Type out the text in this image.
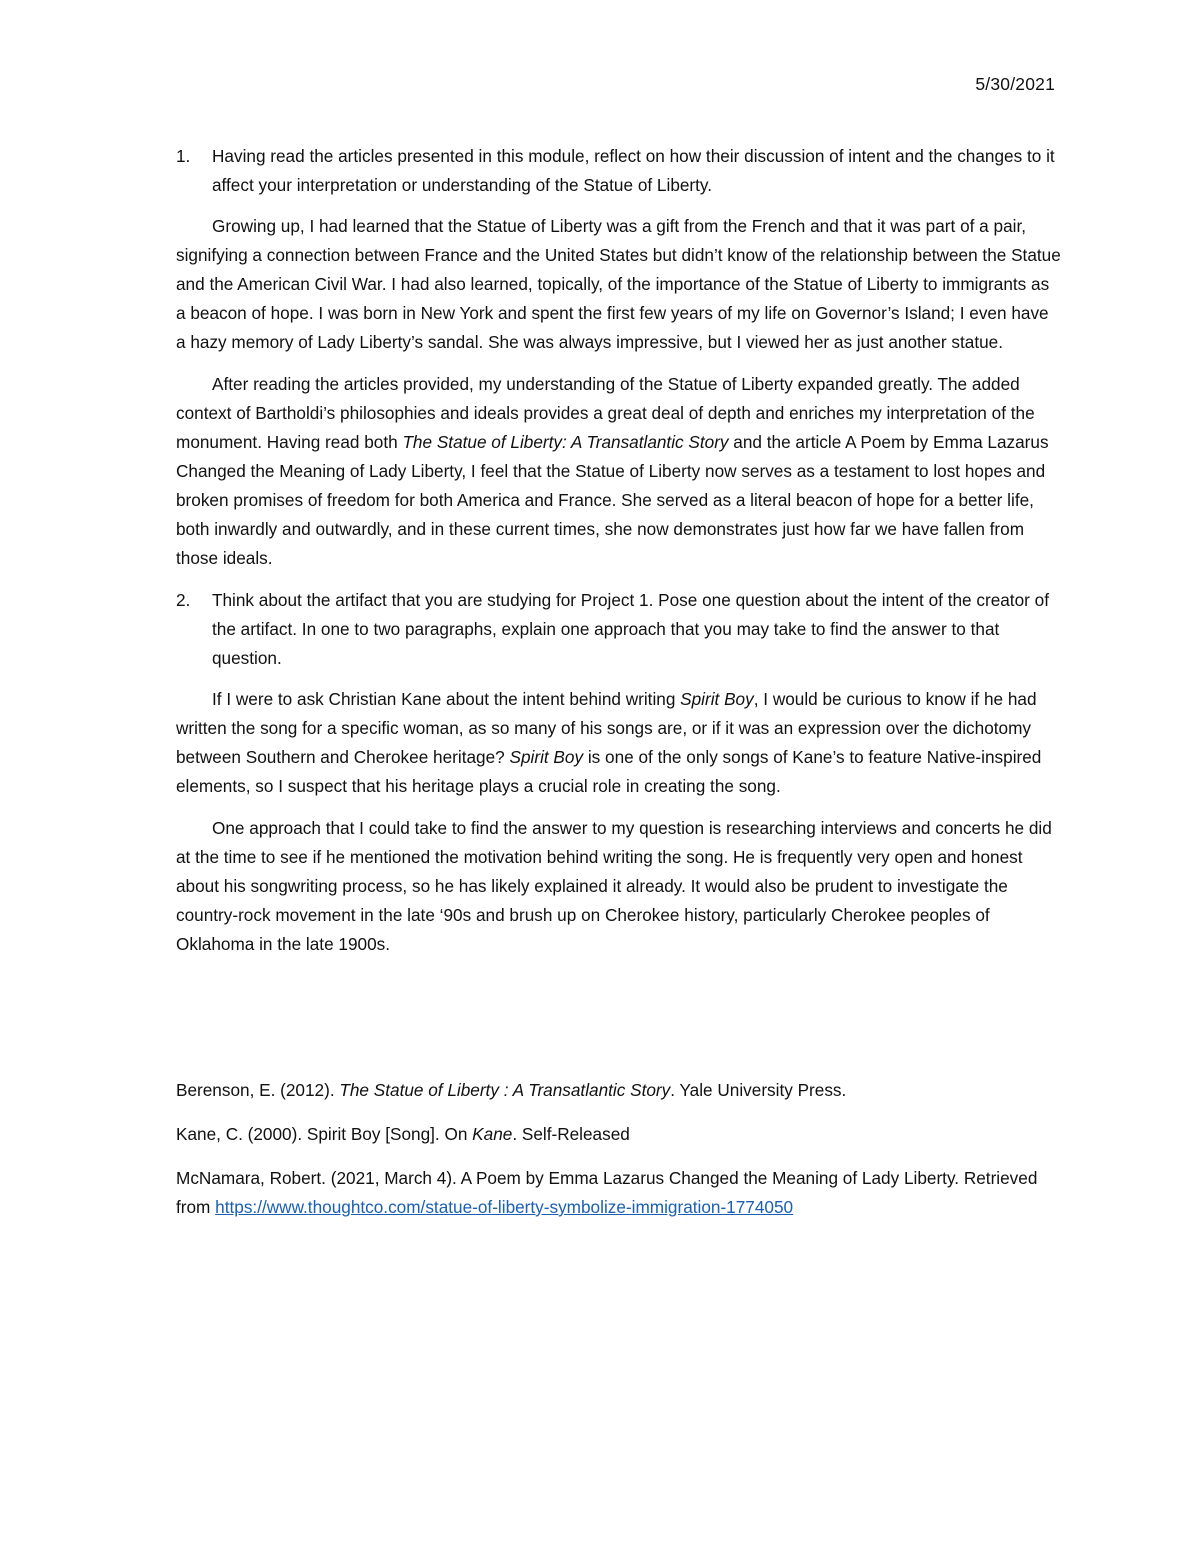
5/30/2021
1. Having read the articles presented in this module, reflect on how their discussion of intent and the changes to it affect your interpretation or understanding of the Statue of Liberty.

Growing up, I had learned that the Statue of Liberty was a gift from the French and that it was part of a pair, signifying a connection between France and the United States but didn’t know of the relationship between the Statue and the American Civil War. I had also learned, topically, of the importance of the Statue of Liberty to immigrants as a beacon of hope. I was born in New York and spent the first few years of my life on Governor’s Island; I even have a hazy memory of Lady Liberty’s sandal. She was always impressive, but I viewed her as just another statue.

After reading the articles provided, my understanding of the Statue of Liberty expanded greatly. The added context of Bartholdi’s philosophies and ideals provides a great deal of depth and enriches my interpretation of the monument. Having read both The Statue of Liberty: A Transatlantic Story and the article A Poem by Emma Lazarus Changed the Meaning of Lady Liberty, I feel that the Statue of Liberty now serves as a testament to lost hopes and broken promises of freedom for both America and France. She served as a literal beacon of hope for a better life, both inwardly and outwardly, and in these current times, she now demonstrates just how far we have fallen from those ideals.

2. Think about the artifact that you are studying for Project 1. Pose one question about the intent of the creator of the artifact. In one to two paragraphs, explain one approach that you may take to find the answer to that question.

If I were to ask Christian Kane about the intent behind writing Spirit Boy, I would be curious to know if he had written the song for a specific woman, as so many of his songs are, or if it was an expression over the dichotomy between Southern and Cherokee heritage? Spirit Boy is one of the only songs of Kane’s to feature Native-inspired elements, so I suspect that his heritage plays a crucial role in creating the song.

One approach that I could take to find the answer to my question is researching interviews and concerts he did at the time to see if he mentioned the motivation behind writing the song. He is frequently very open and honest about his songwriting process, so he has likely explained it already. It would also be prudent to investigate the country-rock movement in the late ‘90s and brush up on Cherokee history, particularly Cherokee peoples of Oklahoma in the late 1900s.

Berenson, E. (2012). The Statue of Liberty : A Transatlantic Story. Yale University Press.
Kane, C. (2000). Spirit Boy [Song]. On Kane. Self-Released
McNamara, Robert. (2021, March 4). A Poem by Emma Lazarus Changed the Meaning of Lady Liberty. Retrieved from https://www.thoughtco.com/statue-of-liberty-symbolize-immigration-1774050
